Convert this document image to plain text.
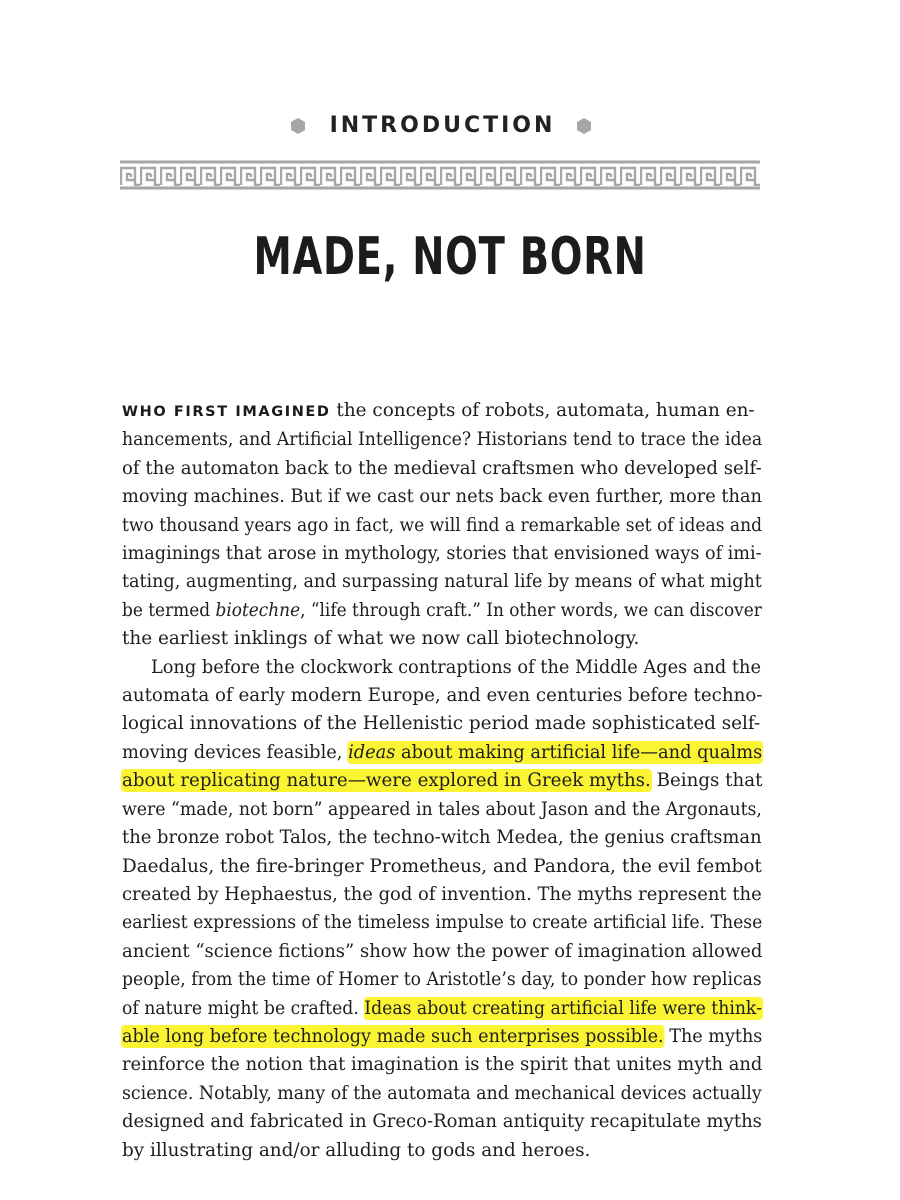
INTRODUCTION
MADE, NOT BORN

WHO FIRST IMAGINED the concepts of robots, automata, human en-
hancements, and Artificial Intelligence? Historians tend to trace the idea
of the automaton back to the medieval craftsmen who developed self-
moving machines. But if we cast our nets back even further, more than
two thousand years ago in fact, we will find a remarkable set of ideas and
imaginings that arose in mythology, stories that envisioned ways of imi-
tating, augmenting, and surpassing natural life by means of what might
be termed biotechne, “life through craft.” In other words, we can discover
the earliest inklings of what we now call biotechnology.

Long before the clockwork contraptions of the Middle Ages and the
automata of early modern Europe, and even centuries before techno-
logical innovations of the Hellenistic period made sophisticated self-
moving devices feasible, ideas about making artificial life—and qualms
about replicating nature—were explored in Greek myths. Beings that
were “made, not born” appeared in tales about Jason and the Argonauts,
the bronze robot Talos, the techno-witch Medea, the genius craftsman
Daedalus, the fire-bringer Prometheus, and Pandora, the evil fembot
created by Hephaestus, the god of invention. The myths represent the
earliest expressions of the timeless impulse to create artificial life. These
ancient “science fictions” show how the power of imagination allowed
people, from the time of Homer to Aristotle’s day, to ponder how replicas
of nature might be crafted. Ideas about creating artificial life were think-
able long before technology made such enterprises possible. The myths
reinforce the notion that imagination is the spirit that unites myth and
science. Notably, many of the automata and mechanical devices actually
designed and fabricated in Greco-Roman antiquity recapitulate myths
by illustrating and/or alluding to gods and heroes.
